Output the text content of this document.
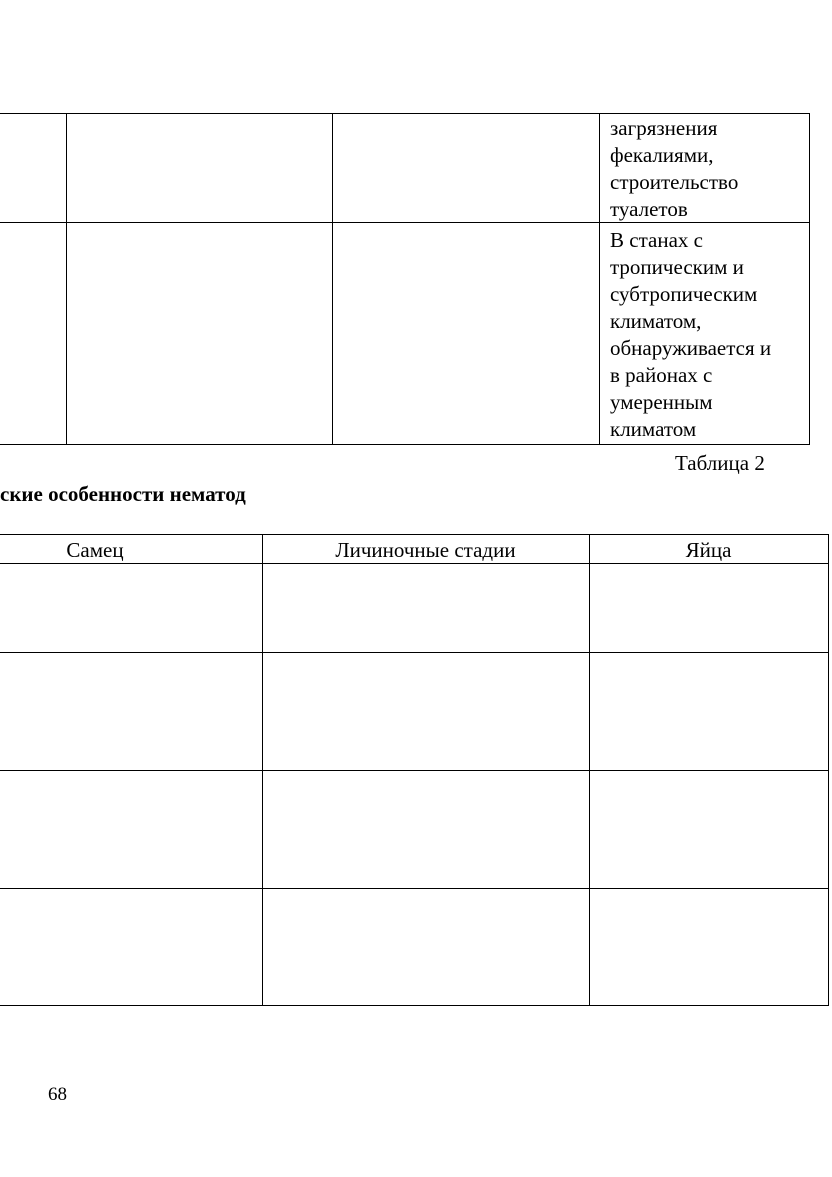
загрязнения
фекалиями,
строительство
туалетов
В станах с
тропическим и
субтропическим
климатом,
обнаруживается и
в районах с
умеренным
климатом
Таблица 2
ские особенности нематод
Самец	Личиночные стадии	Яйца
68
